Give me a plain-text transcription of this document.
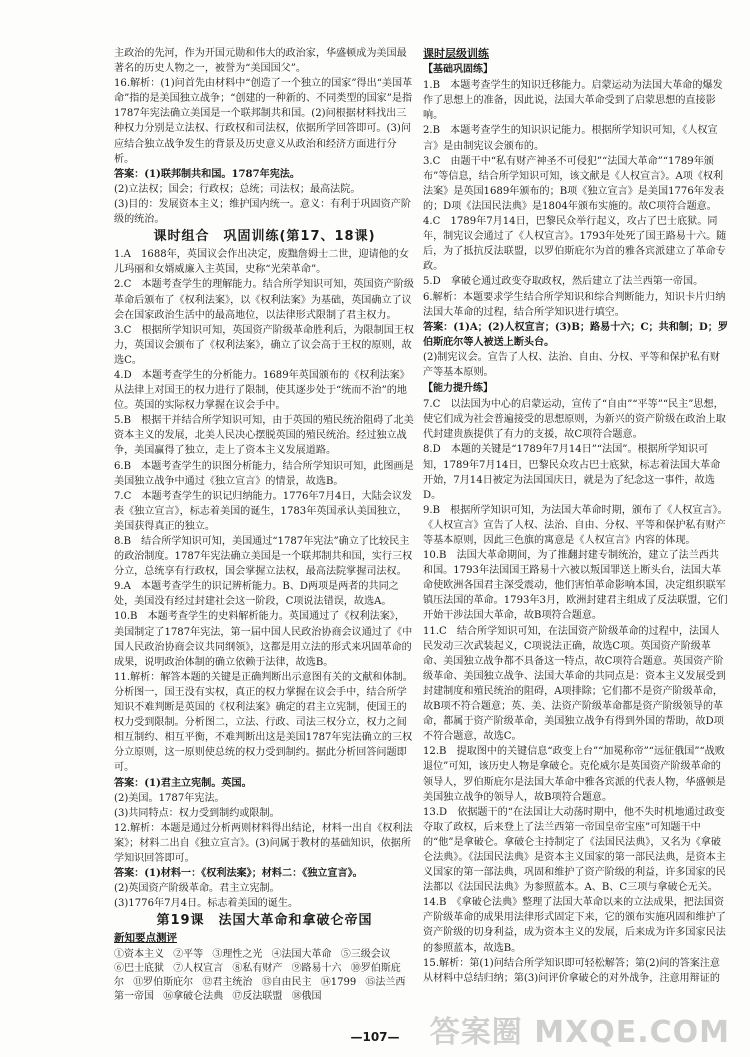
主政治的先河，作为开国元勋和伟大的政治家，华盛顿成为美国最著名的历史人物之一，被誉为“美国国父”。

16.解析：(1)问首先由材料中“创造了一个独立的国家”得出“美国革命”指的是美国独立战争；“创建的一种新的、不同类型的国家”是指1787年宪法确立美国是一个联邦制共和国。(2)问根据材料找出三种权力分别是立法权、行政权和司法权，依据所学回答即可。(3)问应结合独立战争发生的背景及历史意义从政治和经济方面进行分析。

答案：(1)联邦制共和国。1787年宪法。

(2)立法权；国会；行政权；总统；司法权；最高法院。

(3)目的：发展资本主义；维护国内统一。意义：有利于巩固资产阶级的统治。

课时组合　巩固训练(第17、18课)

1.A　1688年，英国议会作出决定，废黜詹姆士二世，迎请他的女儿玛丽和女婿威廉入主英国，史称“光荣革命”。

2.C　本题考查学生的理解能力。结合所学知识可知，英国资产阶级革命后颁布了《权利法案》，以《权利法案》为基础，英国确立了议会在国家政治生活中的最高地位，以法律形式限制了君主权力。

3.C　根据所学知识可知，英国资产阶级革命胜利后，为限制国王权力，英国议会颁布了《权利法案》，确立了议会高于王权的原则，故选C。

4.D　本题考查学生的分析能力。1689年英国颁布的《权利法案》从法律上对国王的权力进行了限制，使其逐步处于“统而不治”的地位。英国的实际权力掌握在议会手中。

5.B　根据干并结合所学知识可知，由于英国的殖民统治阻碍了北美资本主义的发展，北美人民决心摆脱英国的殖民统治。经过独立战争，美国赢得了独立，走上了资本主义发展道路。

6.B　本题考查学生的识图分析能力，结合所学知识可知，此图画是美国独立战争中通过《独立宣言》的情景，故选B。

7.C　本题考查学生的识记归纳能力。1776年7月4日，大陆会议发表《独立宣言》，标志着美国的诞生，1783年英国承认美国独立，美国获得真正的独立。

8.B　结合所学知识可知，美国通过“1787年宪法”确立了比较民主的政治制度。1787年宪法确立美国是一个联邦制共和国，实行三权分立，总统享有行政权，国会掌握立法权，最高法院掌握司法权。

9.A　本题考查学生的识记辨析能力。B、D两项是两者的共同之处，美国没有经过封建社会这一阶段，C项说法错误，故选A。

10.B　本题考查学生的史料解析能力。英国通过了《权利法案》，美国制定了1787年宪法，第一届中国人民政治协商会议通过了《中国人民政治协商会议共同纲领》，这都是用立法的形式来巩固革命的成果，说明政治体制的确立依赖于法律，故选B。

11.解析：解答本题的关键是正确判断出示意图有关的文献和体制。分析图一，国王没有实权，真正的权力掌握在议会手中，结合所学知识不难判断是英国的《权利法案》确定的君主立宪制，使国王的权力受到限制。分析图二，立法、行政、司法三权分立，权力之间相互制约、相互平衡，不难判断出这是美国1787年宪法确立的三权分立原则，这一原则使总统的权力受到制约。据此分析回答问题即可。

答案：(1)君主立宪制。英国。

(2)美国。1787年宪法。

(3)共同特点：权力受到制约或限制。

12.解析：本题是通过分析两则材料得出结论，材料一出自《权利法案》；材料二出自《独立宣言》。(3)问属于教材的基础知识，依据所学知识回答即可。

答案：(1)材料一：《权利法案》；材料二：《独立宣言》。

(2)英国资产阶级革命。君主立宪制。

(3)1776年7月4日。标志着美国的诞生。

第19课　法国大革命和拿破仑帝国
新知要点测评
①资本主义 ②平等 ③理性之光 ④法国大革命 ⑤三级会议
⑥巴士底狱 ⑦人权宣言 ⑧私有财产 ⑨路易十六 ⑩罗伯斯庇
尔 ⑪罗伯斯庇尔 ⑫君主统治 ⑬自由民主 ⑭1799 ⑮法兰西
第一帝国 ⑯拿破仑法典 ⑰反法联盟 ⑱俄国
课时层级训练
【基础巩固练】

1.B　本题考查学生的知识迁移能力。启蒙运动为法国大革命的爆发作了思想上的准备，因此说，法国大革命受到了启蒙思想的直接影响。

2.B　本题考查学生的知识识记能力。根据所学知识可知，《人权宣言》是由制宪议会颁布的。

3.C　由题干中“私有财产神圣不可侵犯”“法国大革命”“1789年颁布”等信息，结合所学知识可知，该文献是《人权宣言》。A项《权利法案》是英国1689年颁布的；B项《独立宣言》是美国1776年发表的；D项《法国民法典》是1804年颁布实施的。故C项符合题意。

4.C　1789年7月14日，巴黎民众举行起义，攻占了巴士底狱。同年，制宪议会通过了《人权宣言》。1793年处死了国王路易十六。随后，为了抵抗反法联盟，以罗伯斯庇尔为首的雅各宾派建立了革命专政。

5.D　拿破仑通过政变夺取政权，然后建立了法兰西第一帝国。

6.解析：本题要求学生结合所学知识和综合判断能力，知识卡片归纳法国大革命的过程，结合所学知识进行填空。

答案：(1)A；(2)人权宣言；(3)B；路易十六；C；共和制；D；罗伯斯庇尔等人被送上断头台。

(2)制宪议会。宣告了人权、法治、自由、分权、平等和保护私有财产等基本原则。

【能力提升练】

7.C　以法国为中心的启蒙运动，宣传了“自由”“平等”“民主”思想，使它们成为社会普遍接受的思想原则，为新兴的资产阶级在政治上取代封建贵族提供了有力的支援，故C项符合题意。

8.D　本题的关键是“1789年7月14日”“法国”。根据所学知识可知，1789年7月14日，巴黎民众攻占巴士底狱，标志着法国大革命开始，7月14日被定为法国国庆日，就是为了纪念这一事件，故选D。

9.B　根据所学知识可知，为法国大革命时期，颁布了《人权宣言》。《人权宣言》宣告了人权、法治、自由、分权、平等和保护私有财产等基本原则，因此三色旗的寓意是《人权宣言》内容的体现。

10.B　法国大革命期间，为了推翻封建专制统治，建立了法兰西共和国。1793年法国国王路易十六被以叛国罪送上断头台，法国大革命使欧洲各国君主深受震动，他们害怕革命影响本国，决定组织联军镇压法国的革命。1793年3月，欧洲封建君主组成了反法联盟，它们开始干涉法国大革命，故B项符合题意。

11.C　结合所学知识可知，在法国资产阶级革命的过程中，法国人民发动三次武装起义，C项说法正确，故选C项。英国资产阶级革命、美国独立战争都不具备这一特点，故C项符合题意。英国资产阶级革命、美国独立战争、法国大革命的共同点是：资本主义发展受到封建制度和殖民统治的阻碍，A项排除；它们都不是资产阶级革命，故B项不符合题意；英、美、法资产阶级革命都是资产阶级领导的革命，都属于资产阶级革命，美国独立战争有得到外国的帮助，故D项不符合题意，故选C。

12.B　提取图中的关键信息“政变上台”“加冕称帝”“远征俄国”“战败退位”可知，该历史人物是拿破仑。克伦威尔是英国资产阶级革命的领导人，罗伯斯庇尔是法国大革命中雅各宾派的代表人物，华盛顿是美国独立战争的领导人，故B项符合题意。

13.D　依据题干的“在法国让大动荡时期中，他不失时机地通过政变夺取了政权，后来登上了法兰西第一帝国皇帝宝座”可知题干中的“他”是拿破仑。拿破仑主持制定了《法国民法典》，又名为《拿破仑法典》。《法国民法典》是资本主义国家的第一部民法典，是资本主义国家的第一部法典，巩固和维护了资产阶级的利益，许多国家的民法都以《法国民法典》为参照蓝本。A、B、C三项与拿破仑无关。

14.B　《拿破仑法典》整理了法国大革命以来的立法成果，把法国资产阶级革命的成果用法律形式固定下来，它的颁布实施巩固和维护了资产阶级的切身利益，成为资本主义的发展，后来成为许多国家民法的参照蓝本，故选B。

15.解析：第(1)问结合所学知识即可轻松解答；第(2)问的答案注意从材料中总结归纳；第(3)问评价拿破仑的对外战争，注意用辩证的

—107—	答案圈 MXQE.COM
